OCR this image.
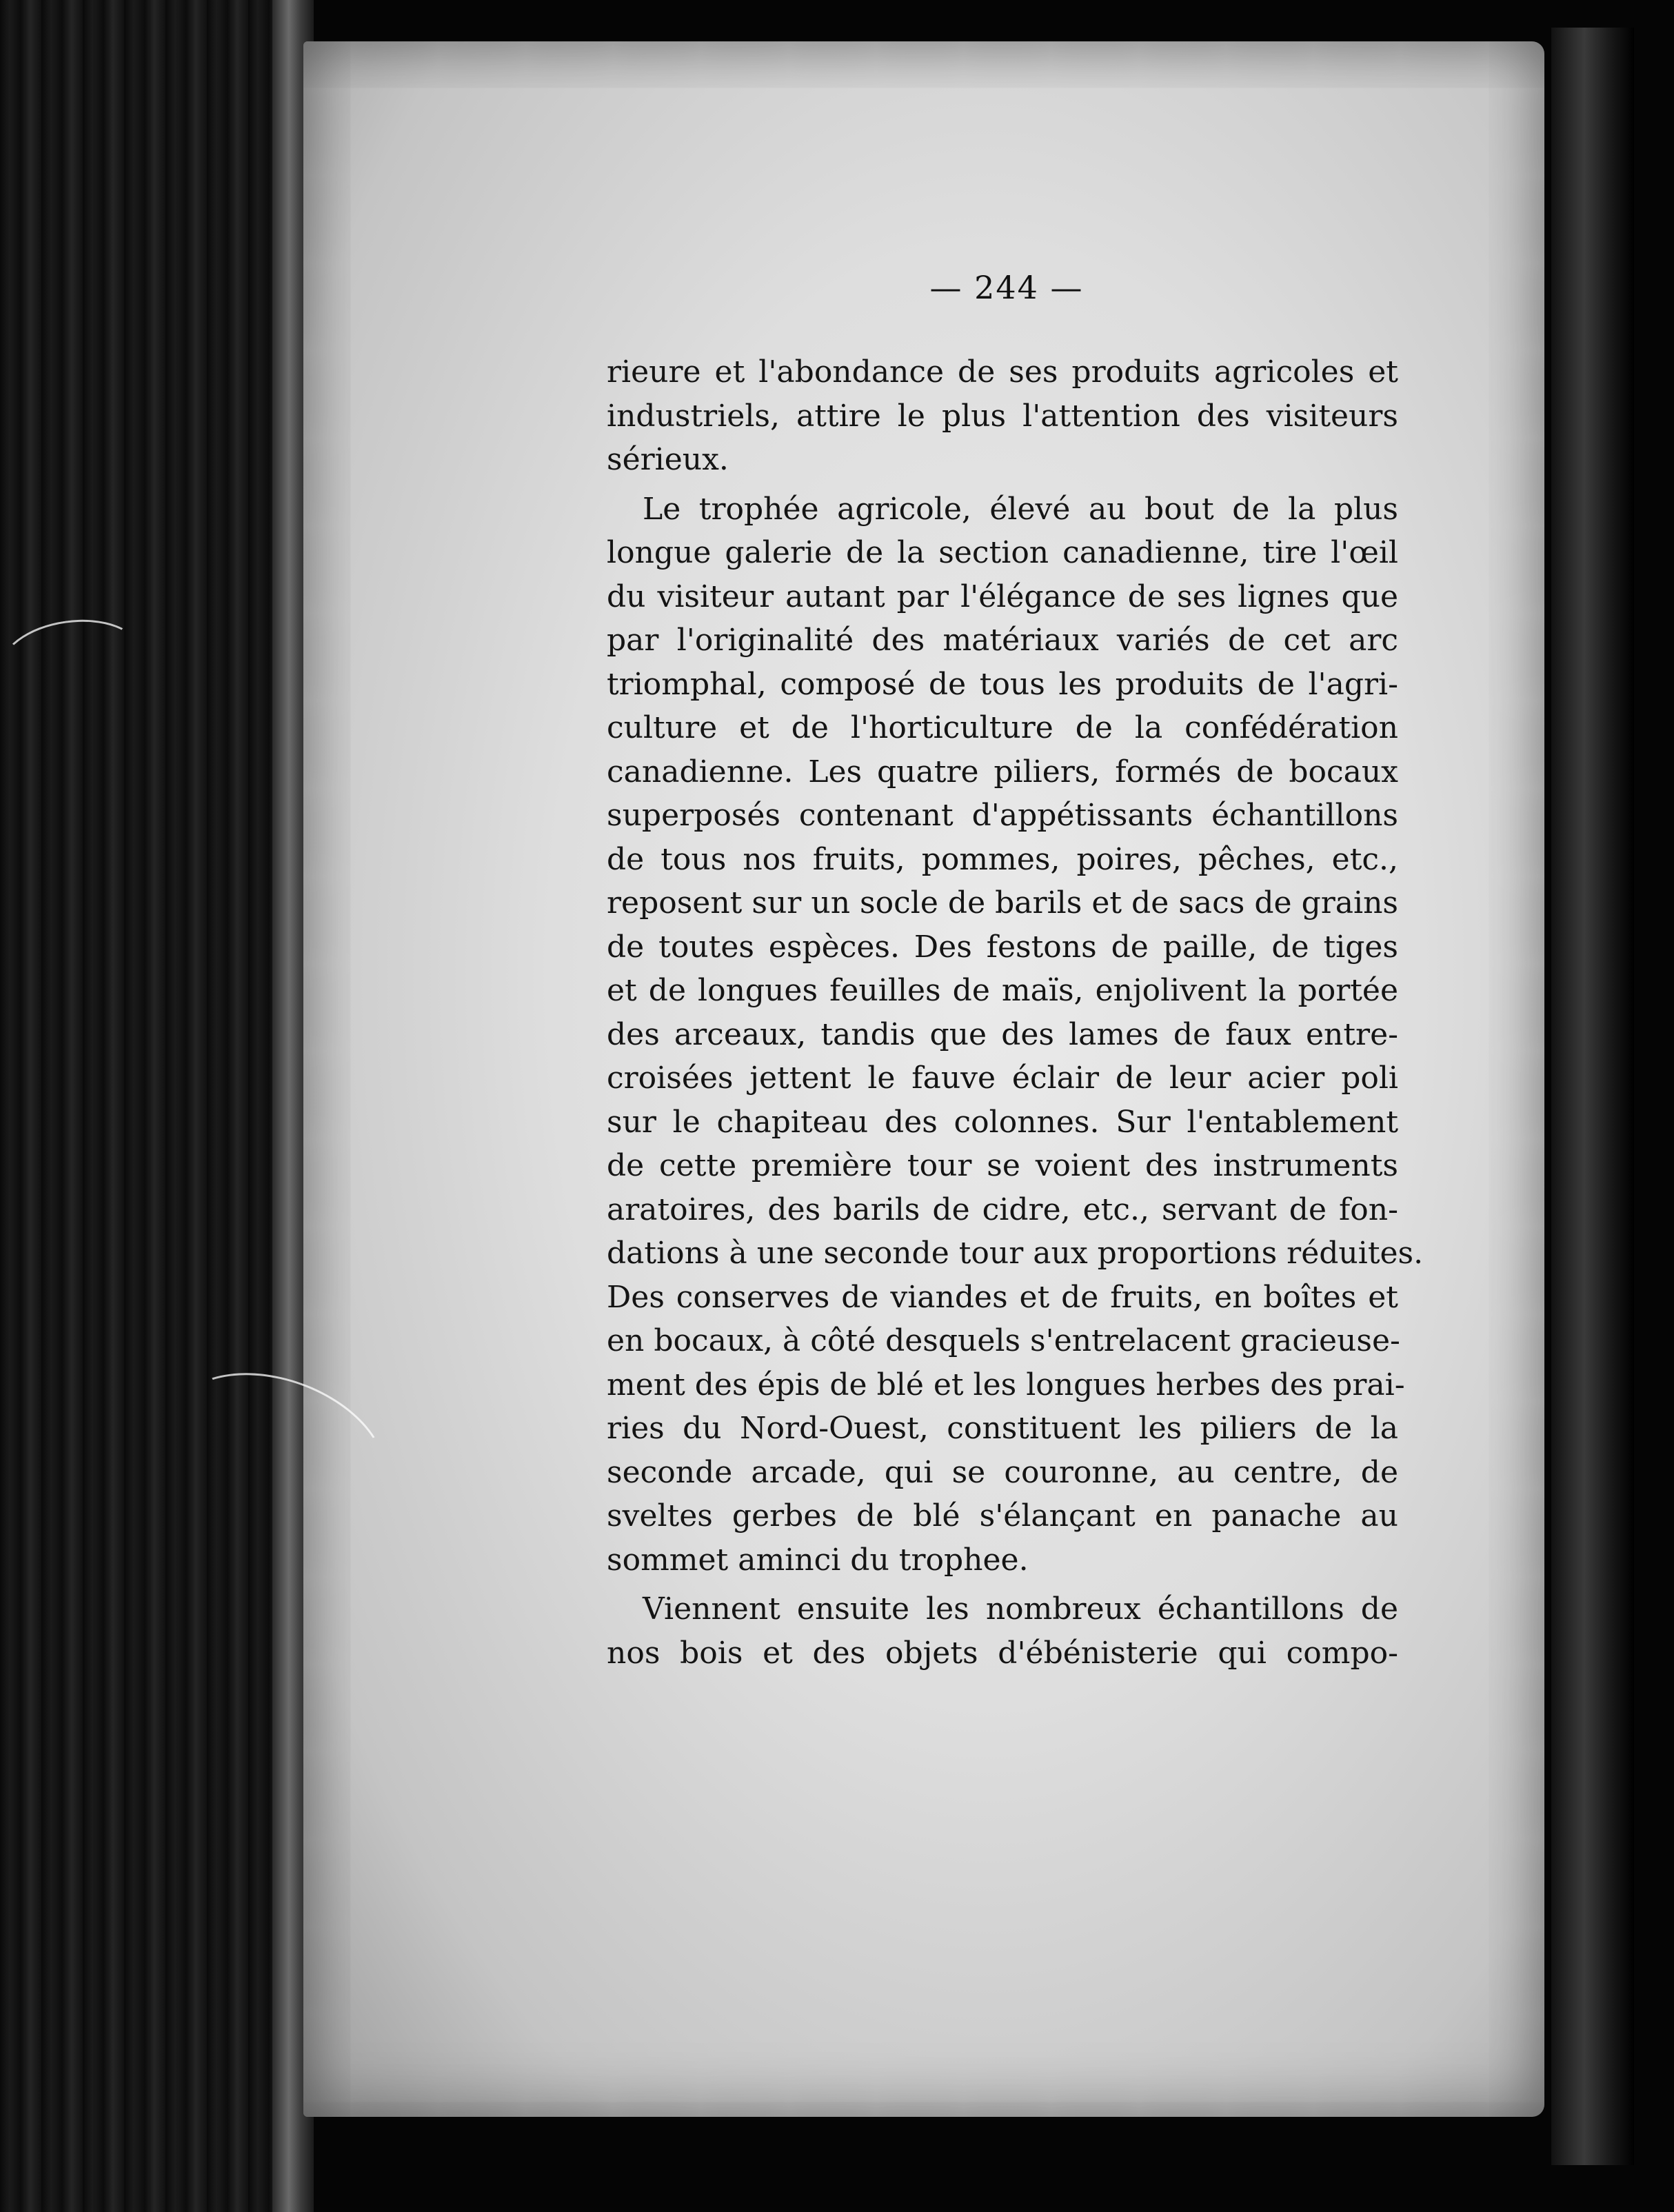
— 244 —
rieure et l'abondance de ses produits agricoles et
industriels, attire le plus l'attention des visiteurs
sérieux.
Le trophée agricole, élevé au bout de la plus
longue galerie de la section canadienne, tire l'œil
du visiteur autant par l'élégance de ses lignes que
par l'originalité des matériaux variés de cet arc
triomphal, composé de tous les produits de l'agri-
culture et de l'horticulture de la confédération
canadienne. Les quatre piliers, formés de bocaux
superposés contenant d'appétissants échantillons
de tous nos fruits, pommes, poires, pêches, etc.,
reposent sur un socle de barils et de sacs de grains
de toutes espèces. Des festons de paille, de tiges
et de longues feuilles de maïs, enjolivent la portée
des arceaux, tandis que des lames de faux entre-
croisées jettent le fauve éclair de leur acier poli
sur le chapiteau des colonnes. Sur l'entablement
de cette première tour se voient des instruments
aratoires, des barils de cidre, etc., servant de fon-
dations à une seconde tour aux proportions réduites.
Des conserves de viandes et de fruits, en boîtes et
en bocaux, à côté desquels s'entrelacent gracieuse-
ment des épis de blé et les longues herbes des prai-
ries du Nord-Ouest, constituent les piliers de la
seconde arcade, qui se couronne, au centre, de
sveltes gerbes de blé s'élançant en panache au
sommet aminci du trophee.
Viennent ensuite les nombreux échantillons de
nos bois et des objets d'ébénisterie qui compo-
